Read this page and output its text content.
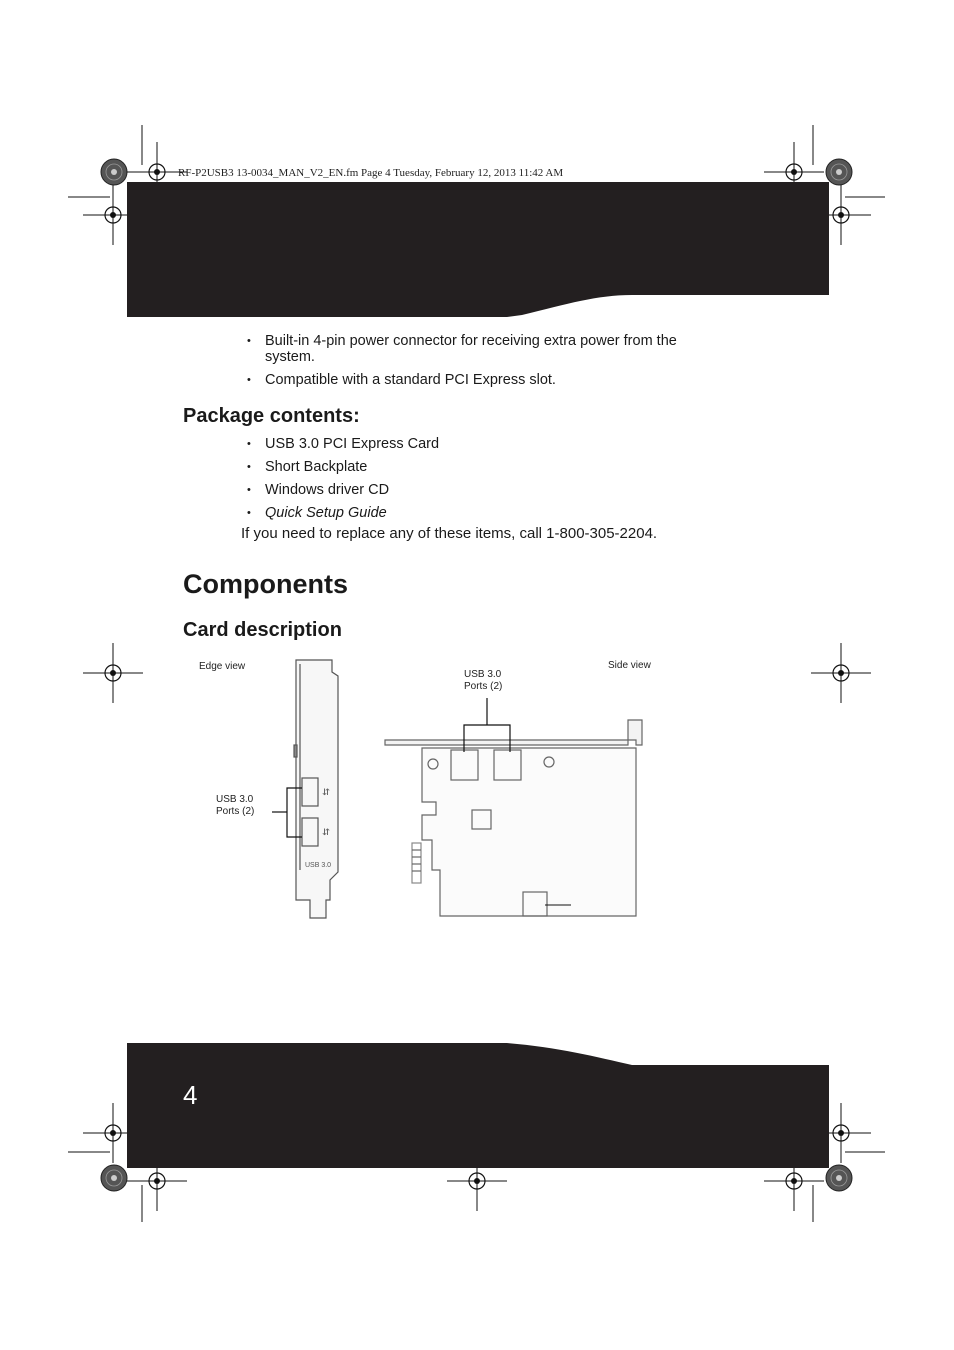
RF-P2USB3 13-0034_MAN_V2_EN.fm Page 4 Tuesday, February 12, 2013 11:42 AM
• Built-in 4-pin power connector for receiving extra power from the system.
• Compatible with a standard PCI Express slot.
Package contents:
• USB 3.0 PCI Express Card
• Short Backplate
• Windows driver CD
• Quick Setup Guide
If you need to replace any of these items, call 1-800-305-2204.
Components
Card description
Edge view	Side view
USB 3.0
Ports (2)
USB 3.0
Ports (2)
⇆
⇆
USB 3.0
4
